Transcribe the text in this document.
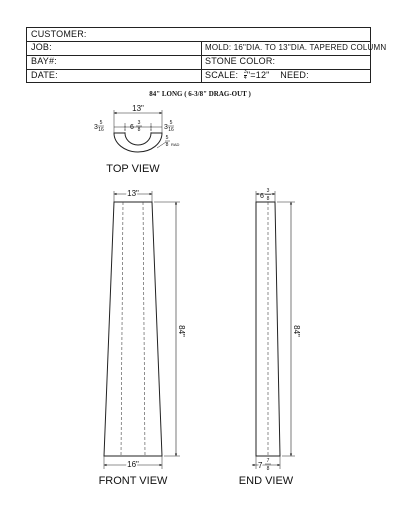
CUSTOMER:
JOB:	MOLD: 16"DIA. TO 13"DIA. TAPERED COLUMN
BAY#:	STONE COLOR:
DATE:	SCALE: $\frac{3}{4}$ "=12" NEED:
84" LONG ( 6-3/8" DRAG-OUT )
13"
3
5
16	6
3
8	3
5
16
5
8 RAD
TOP VIEW
13"
16"
84"
FRONT VIEW
6
3
8
7 7
8
84"
END VIEW
